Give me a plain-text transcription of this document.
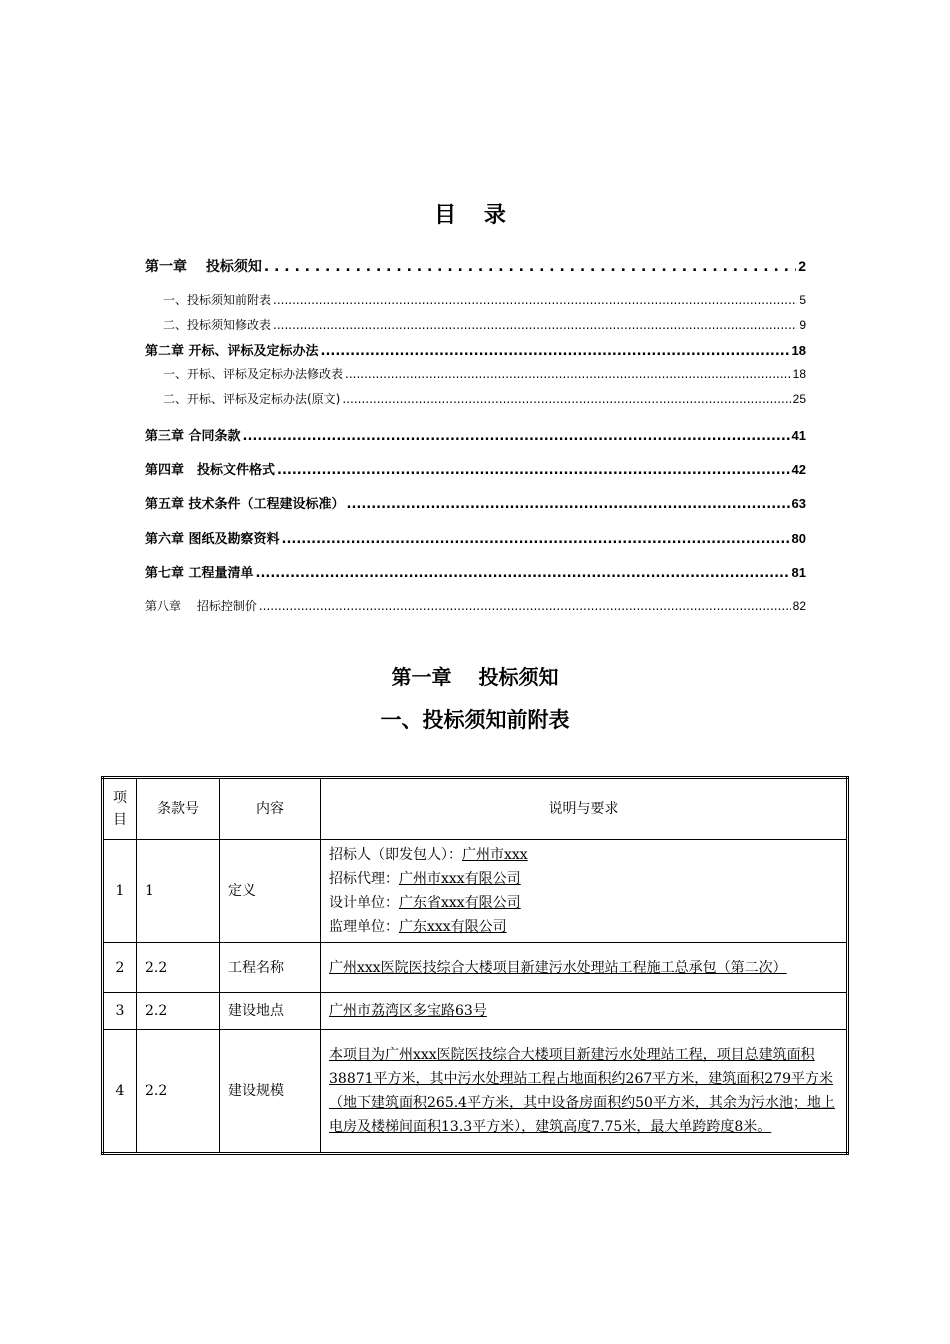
目 录
第一章　 投标须知 . . .	2
一、投标须知前附表 .....	5
二、投标须知修改表 .....	9
第二章 开标、评标及定标办法 .....	18
一、开标、评标及定标办法修改表 .....	18
二、开标、评标及定标办法(原文) .....	25
第三章 合同条款 .....	41
第四章　投标文件格式 .....	42
第五章 技术条件（工程建设标准） .....	63
第六章 图纸及勘察资料 .....	80
第七章 工程量清单 .....	81
第八章　 招标控制价 .....	82
第一章　 投标须知
一、投标须知前附表
项目	条款号	内容	说明与要求
1	1	定义	招标人（即发包人）：广州市xxx
招标代理：广州市xxx有限公司
设计单位：广东省xxx有限公司
监理单位：广东xxx有限公司

2	2.2	工程名称	广州xxx医院医技综合大楼项目新建污水处理站工程施工总承包（第二次）
3	2.2	建设地点	广州市荔湾区多宝路63号
4	2.2	建设规模	本项目为广州xxx医院医技综合大楼项目新建污水处理站工程，项目总建筑面积38871平方米，其中污水处理站工程占地面积约267平方米，建筑面积279平方米（地下建筑面积265.4平方米，其中设备房面积约50平方米，其余为污水池；地上电房及楼梯间面积13.3平方米），建筑高度7.75米，最大单跨跨度8米。
